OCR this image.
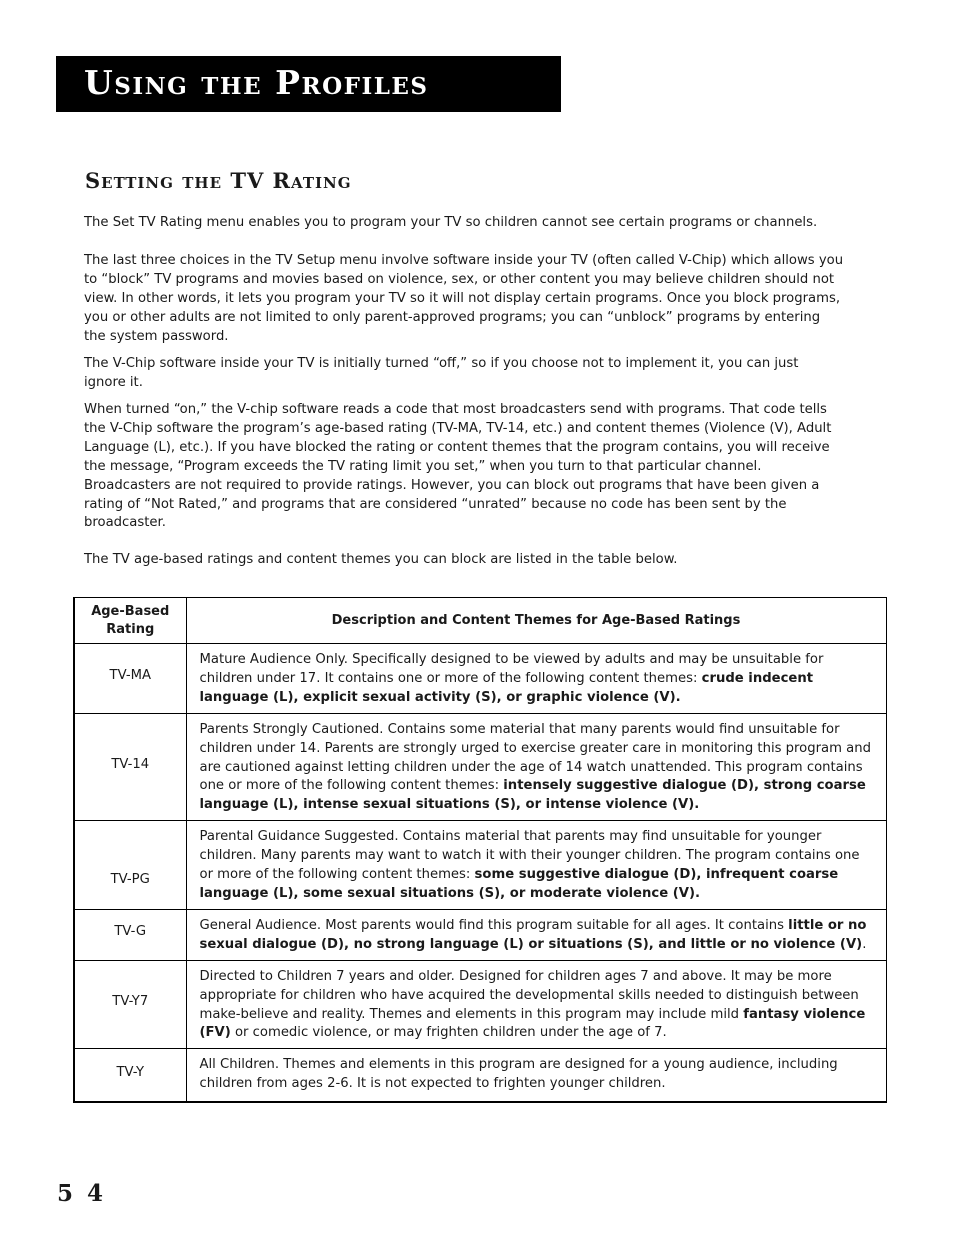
Using the Profiles
Setting the TV Rating

The Set TV Rating menu enables you to program your TV so children cannot see certain programs or channels.

The last three choices in the TV Setup menu involve software inside your TV (often called V-Chip) which allows you to “block” TV programs and movies based on violence, sex, or other content you may believe children should not view. In other words, it lets you program your TV so it will not display certain programs. Once you block programs, you or other adults are not limited to only parent-approved programs; you can “unblock” programs by entering the system password.

The V-Chip software inside your TV is initially turned “off,” so if you choose not to implement it, you can just ignore it.

When turned “on,” the V-chip software reads a code that most broadcasters send with programs. That code tells the V-Chip software the program’s age-based rating (TV-MA, TV-14, etc.) and content themes (Violence (V), Adult Language (L), etc.). If you have blocked the rating or content themes that the program contains, you will receive the message, “Program exceeds the TV rating limit you set,” when you turn to that particular channel. Broadcasters are not required to provide ratings. However, you can block out programs that have been given a rating of “Not Rated,” and programs that are considered “unrated” because no code has been sent by the broadcaster.

The TV age-based ratings and content themes you can block are listed in the table below.

Age-Based Rating	Description and Content Themes for Age-Based Ratings
TV-MA	Mature Audience Only. Specifically designed to be viewed by adults and may be unsuitable for children under 17. It contains one or more of the following content themes: crude indecent language (L), explicit sexual activity (S), or graphic violence (V).
TV-14	Parents Strongly Cautioned. Contains some material that many parents would find unsuitable for children under 14. Parents are strongly urged to exercise greater care in monitoring this program and are cautioned against letting children under the age of 14 watch unattended. This program contains one or more of the following content themes: intensely suggestive dialogue (D), strong coarse language (L), intense sexual situations (S), or intense violence (V).
TV-PG	Parental Guidance Suggested. Contains material that parents may find unsuitable for younger children. Many parents may want to watch it with their younger children. The program contains one or more of the following content themes: some suggestive dialogue (D), infrequent coarse language (L), some sexual situations (S), or moderate violence (V).
TV-G	General Audience. Most parents would find this program suitable for all ages. It contains little or no sexual dialogue (D), no strong language (L) or situations (S), and little or no violence (V).
TV-Y7	Directed to Children 7 years and older. Designed for children ages 7 and above. It may be more appropriate for children who have acquired the developmental skills needed to distinguish between make-believe and reality. Themes and elements in this program may include mild fantasy violence (FV) or comedic violence, or may frighten children under the age of 7.
TV-Y	All Children. Themes and elements in this program are designed for a young audience, including children from ages 2-6. It is not expected to frighten younger children.
5 4
